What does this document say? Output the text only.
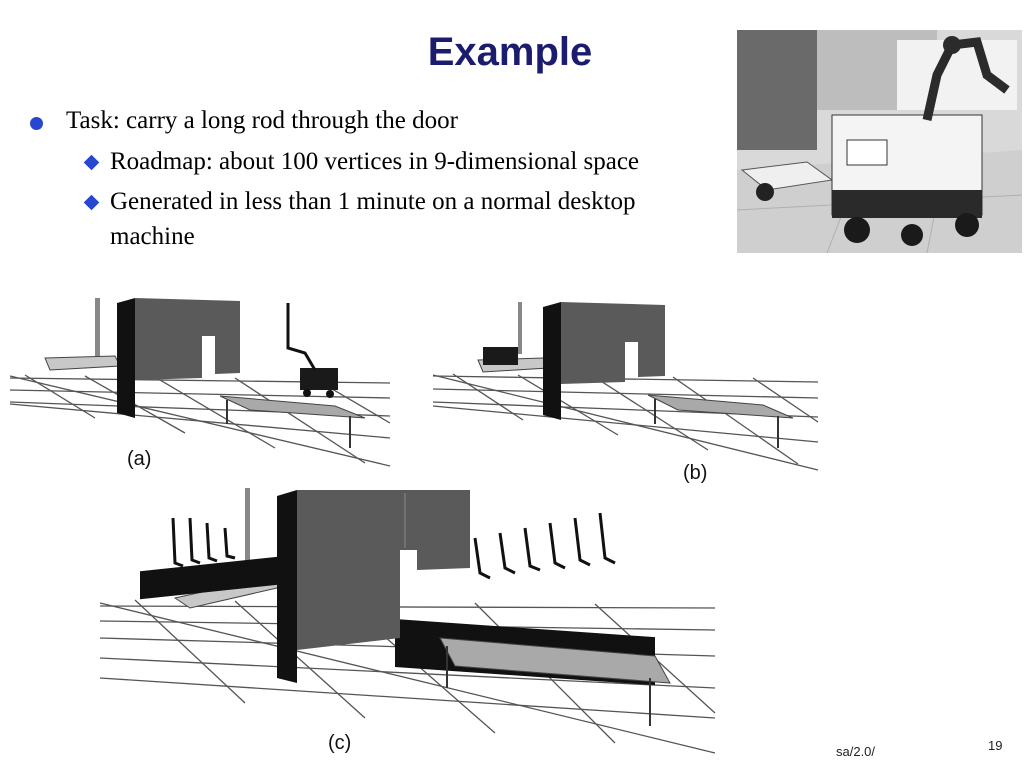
Example
Task: carry a long rod through the door
Roadmap: about 100 vertices in 9-dimensional space
Generated in less than 1 minute on a normal desktop
machine
(a)
(b)
(c)	sa/2.0/	19
